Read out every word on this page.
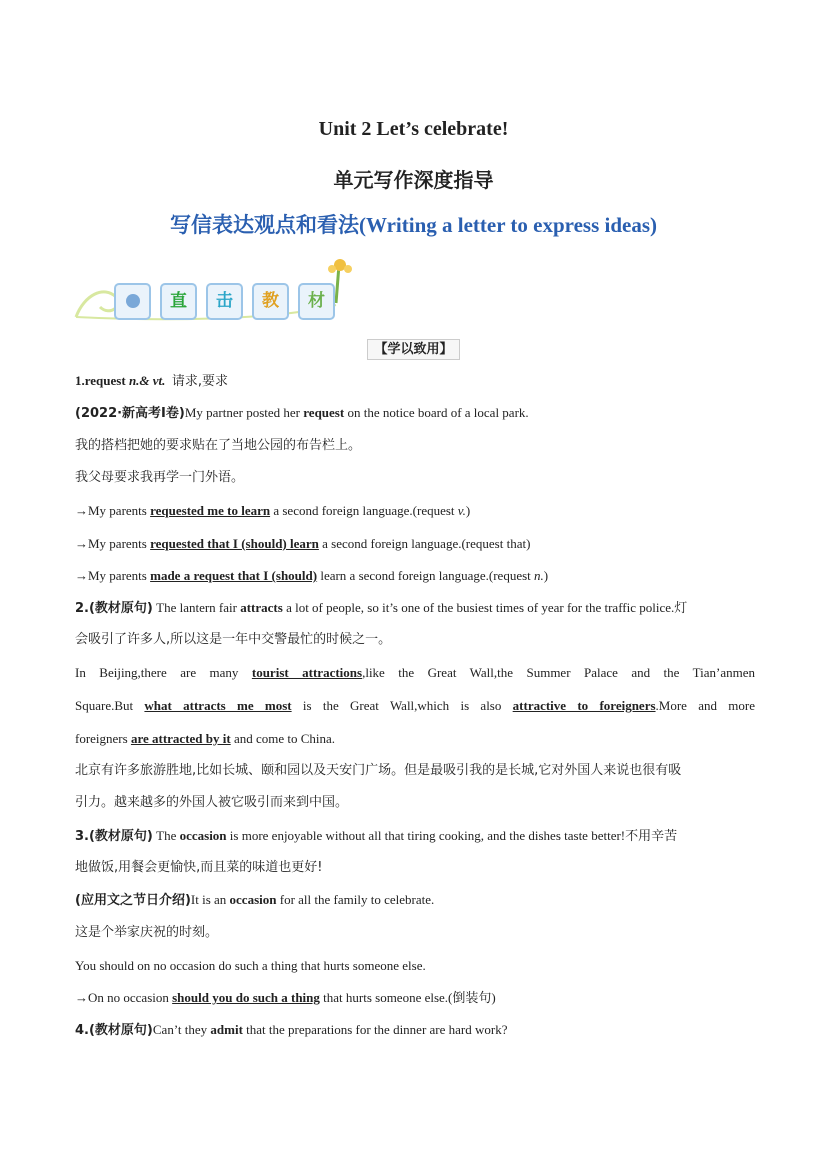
Unit 2 Let’s celebrate!
单元写作深度指导
写信表达观点和看法(Writing a letter to express ideas)
直	击	教	材
【学以致用】
1.request n.& vt. 请求,要求
(2022·新高考Ⅰ卷)My partner posted her request on the notice board of a local park.
我的搭档把她的要求贴在了当地公园的布告栏上。
我父母要求我再学一门外语。
→My parents requested me to learn a second foreign language.(request v.)
→My parents requested that I (should) learn a second foreign language.(request that)
→My parents made a request that I (should) learn a second foreign language.(request n.)
2.(教材原句) The lantern fair attracts a lot of people, so it’s one of the busiest times of year for the traffic police.灯
会吸引了许多人,所以这是一年中交警最忙的时候之一。
In Beijing,there are many tourist attractions,like the Great Wall,the Summer Palace and the Tian’anmen
Square.But what attracts me most is the Great Wall,which is also attractive to foreigners.More and more
foreigners are attracted by it and come to China.
北京有许多旅游胜地,比如长城、颐和园以及天安门广场。但是最吸引我的是长城,它对外国人来说也很有吸
引力。越来越多的外国人被它吸引而来到中国。
3.(教材原句) The occasion is more enjoyable without all that tiring cooking, and the dishes taste better!不用辛苦
地做饭,用餐会更愉快,而且菜的味道也更好!
(应用文之节日介绍)It is an occasion for all the family to celebrate.
这是个举家庆祝的时刻。
You should on no occasion do such a thing that hurts someone else.
→On no occasion should you do such a thing that hurts someone else.(倒装句)
4.(教材原句)Can’t they admit that the preparations for the dinner are hard work?
